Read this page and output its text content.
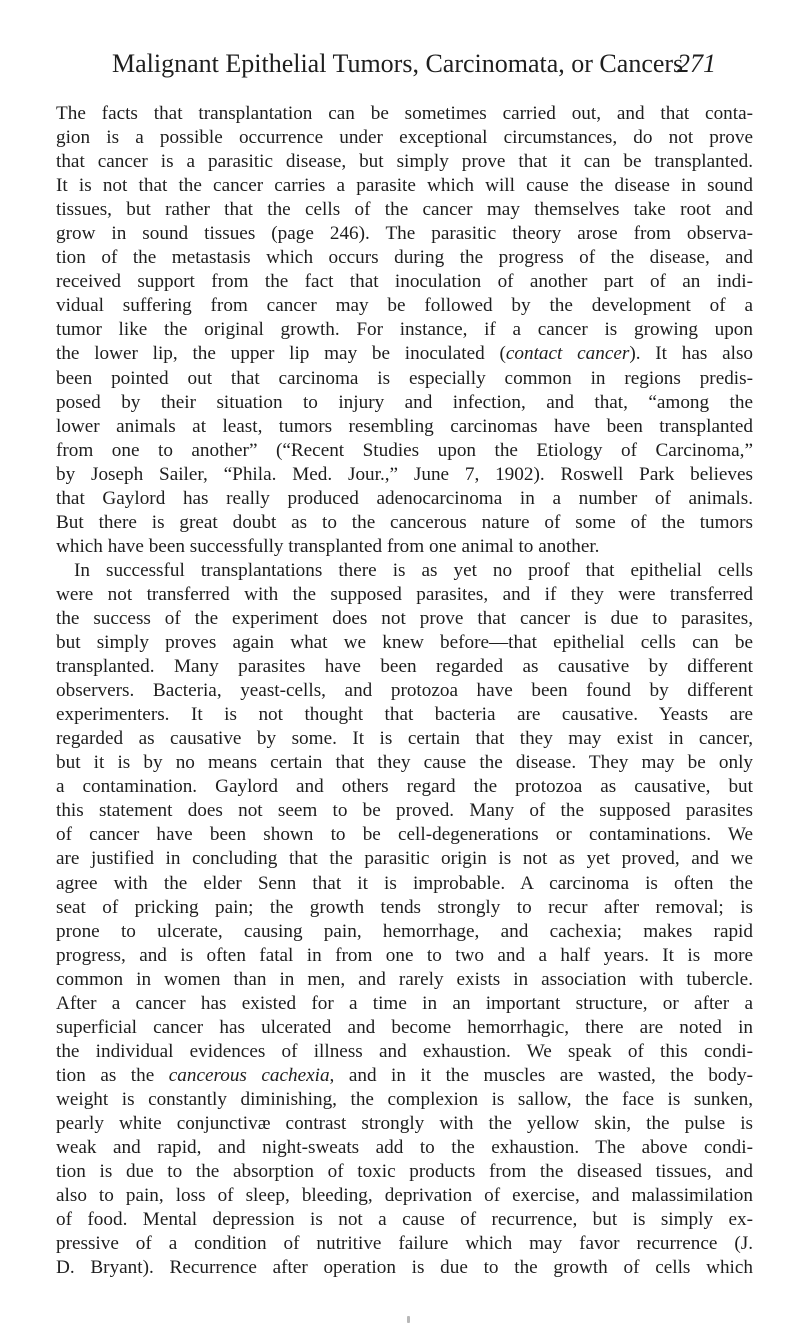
Malignant Epithelial Tumors, Carcinomata, or Cancers
271
The facts that transplantation can be sometimes carried out, and that conta-
gion is a possible occurrence under exceptional circumstances, do not prove
that cancer is a parasitic disease, but simply prove that it can be transplanted.
It is not that the cancer carries a parasite which will cause the disease in sound
tissues, but rather that the cells of the cancer may themselves take root and
grow in sound tissues (page 246). The parasitic theory arose from observa-
tion of the metastasis which occurs during the progress of the disease, and
received support from the fact that inoculation of another part of an indi-
vidual suffering from cancer may be followed by the development of a
tumor like the original growth. For instance, if a cancer is growing upon
the lower lip, the upper lip may be inoculated (contact cancer). It has also
been pointed out that carcinoma is especially common in regions predis-
posed by their situation to injury and infection, and that, “among the
lower animals at least, tumors resembling carcinomas have been transplanted
from one to another” (“Recent Studies upon the Etiology of Carcinoma,”
by Joseph Sailer, “Phila. Med. Jour.,” June 7, 1902). Roswell Park believes
that Gaylord has really produced adenocarcinoma in a number of animals.
But there is great doubt as to the cancerous nature of some of the tumors
which have been successfully transplanted from one animal to another.
In successful transplantations there is as yet no proof that epithelial cells
were not transferred with the supposed parasites, and if they were transferred
the success of the experiment does not prove that cancer is due to parasites,
but simply proves again what we knew before—that epithelial cells can be
transplanted. Many parasites have been regarded as causative by different
observers. Bacteria, yeast-cells, and protozoa have been found by different
experimenters. It is not thought that bacteria are causative. Yeasts are
regarded as causative by some. It is certain that they may exist in cancer,
but it is by no means certain that they cause the disease. They may be only
a contamination. Gaylord and others regard the protozoa as causative, but
this statement does not seem to be proved. Many of the supposed parasites
of cancer have been shown to be cell-degenerations or contaminations. We
are justified in concluding that the parasitic origin is not as yet proved, and we
agree with the elder Senn that it is improbable. A carcinoma is often the
seat of pricking pain; the growth tends strongly to recur after removal; is
prone to ulcerate, causing pain, hemorrhage, and cachexia; makes rapid
progress, and is often fatal in from one to two and a half years. It is more
common in women than in men, and rarely exists in association with tubercle.
After a cancer has existed for a time in an important structure, or after a
superficial cancer has ulcerated and become hemorrhagic, there are noted in
the individual evidences of illness and exhaustion. We speak of this condi-
tion as the cancerous cachexia, and in it the muscles are wasted, the body-
weight is constantly diminishing, the complexion is sallow, the face is sunken,
pearly white conjunctivæ contrast strongly with the yellow skin, the pulse is
weak and rapid, and night-sweats add to the exhaustion. The above condi-
tion is due to the absorption of toxic products from the diseased tissues, and
also to pain, loss of sleep, bleeding, deprivation of exercise, and malassimilation
of food. Mental depression is not a cause of recurrence, but is simply ex-
pressive of a condition of nutritive failure which may favor recurrence (J.
D. Bryant). Recurrence after operation is due to the growth of cells which
